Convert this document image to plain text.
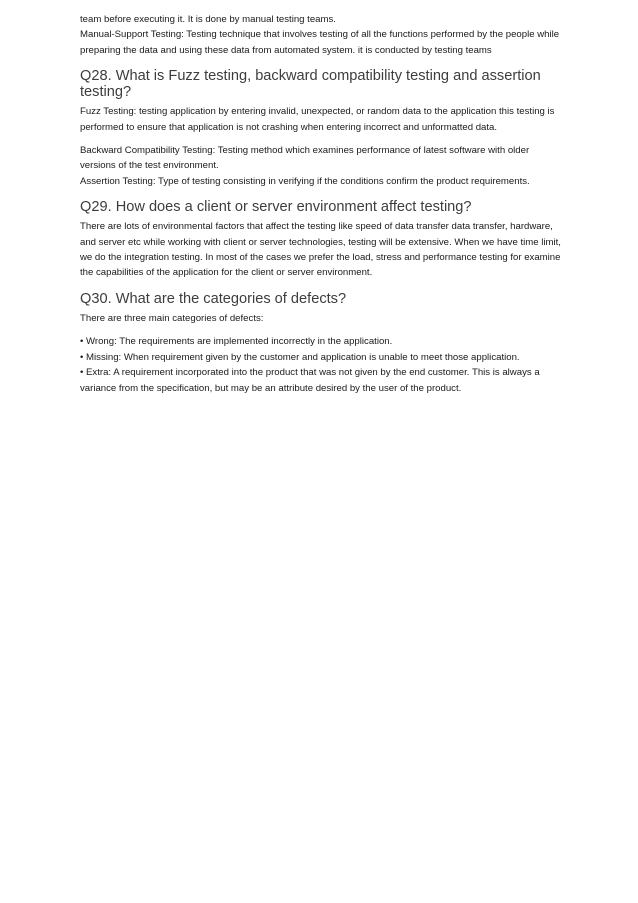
team before executing it. It is done by manual testing teams.

Manual-Support Testing: Testing technique that involves testing of all the functions performed by the people while preparing the data and using these data from automated system. it is conducted by testing teams

Q28. What is Fuzz testing, backward compatibility testing and assertion testing?

Fuzz Testing: testing application by entering invalid, unexpected, or random data to the application this testing is performed to ensure that application is not crashing when entering incorrect and unformatted data.

Backward Compatibility Testing: Testing method which examines performance of latest software with older versions of the test environment.

Assertion Testing: Type of testing consisting in verifying if the conditions confirm the product requirements.

Q29. How does a client or server environment affect testing?

There are lots of environmental factors that affect the testing like speed of data transfer data transfer, hardware, and server etc while working with client or server technologies, testing will be extensive. When we have time limit, we do the integration testing. In most of the cases we prefer the load, stress and performance testing for examine the capabilities of the application for the client or server environment.

Q30. What are the categories of defects?

There are three main categories of defects:

• Wrong: The requirements are implemented incorrectly in the application.

• Missing: When requirement given by the customer and application is unable to meet those application.

• Extra: A requirement incorporated into the product that was not given by the end customer. This is always a variance from the specification, but may be an attribute desired by the user of the product.
